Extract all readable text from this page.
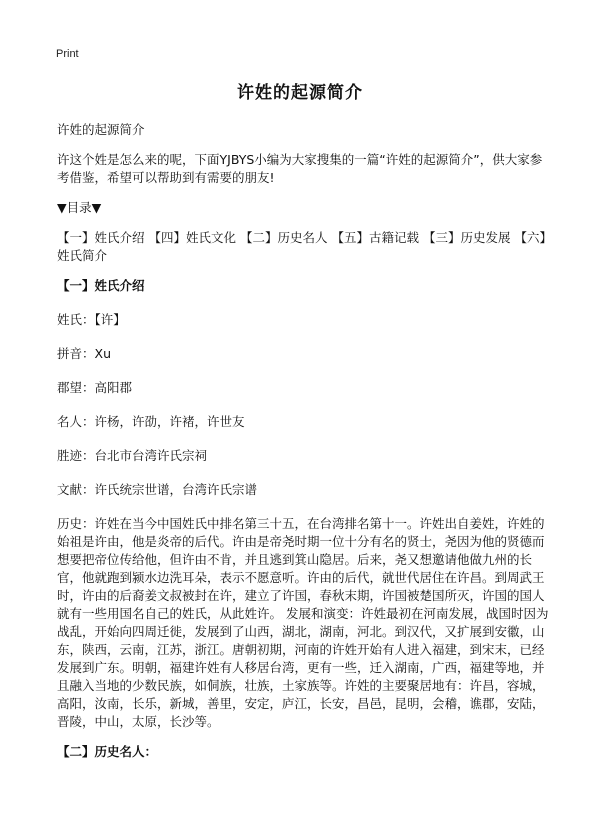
Print
许姓的起源简介

许姓的起源简介

许这个姓是怎么来的呢，下面YJBYS小编为大家搜集的一篇“许姓的起源简介”，供大家参考借鉴，希望可以帮助到有需要的朋友!

▼目录▼

【一】姓氏介绍 【四】姓氏文化 【二】历史名人 【五】古籍记载 【三】历史发展 【六】姓氏简介

【一】姓氏介绍

姓氏：【许】

拼音：Xu

郡望：高阳郡

名人：许杨，许劭，许褚，许世友

胜迹：台北市台湾许氏宗祠

文献：许氏统宗世谱，台湾许氏宗谱

历史：许姓在当今中国姓氏中排名第三十五，在台湾排名第十一。许姓出自姜姓，许姓的始祖是许由，他是炎帝的后代。许由是帝尧时期一位十分有名的贤士，尧因为他的贤德而想要把帝位传给他，但许由不肯，并且逃到箕山隐居。后来，尧又想邀请他做九州的长官，他就跑到颍水边洗耳朵，表示不愿意听。许由的后代，就世代居住在许昌。到周武王时，许由的后裔姜文叔被封在许，建立了许国，春秋末期，许国被楚国所灭，许国的国人就有一些用国名自己的姓氏，从此姓许。 发展和演变：许姓最初在河南发展，战国时因为战乱，开始向四周迁徙，发展到了山西，湖北，湖南，河北。到汉代，又扩展到安徽，山东，陕西，云南，江苏，浙江。唐朝初期，河南的许姓开始有人进入福建，到宋末，已经发展到广东。明朝，福建许姓有人移居台湾，更有一些，迁入湖南，广西，福建等地，并且融入当地的少数民族，如侗族，壮族，土家族等。许姓的主要聚居地有：许昌，容城，高阳，汝南，长乐，新城，善里，安定，庐江，长安，昌邑，昆明，会稽，谯郡，安陆，晋陵，中山，太原，长沙等。

【二】历史名人：
